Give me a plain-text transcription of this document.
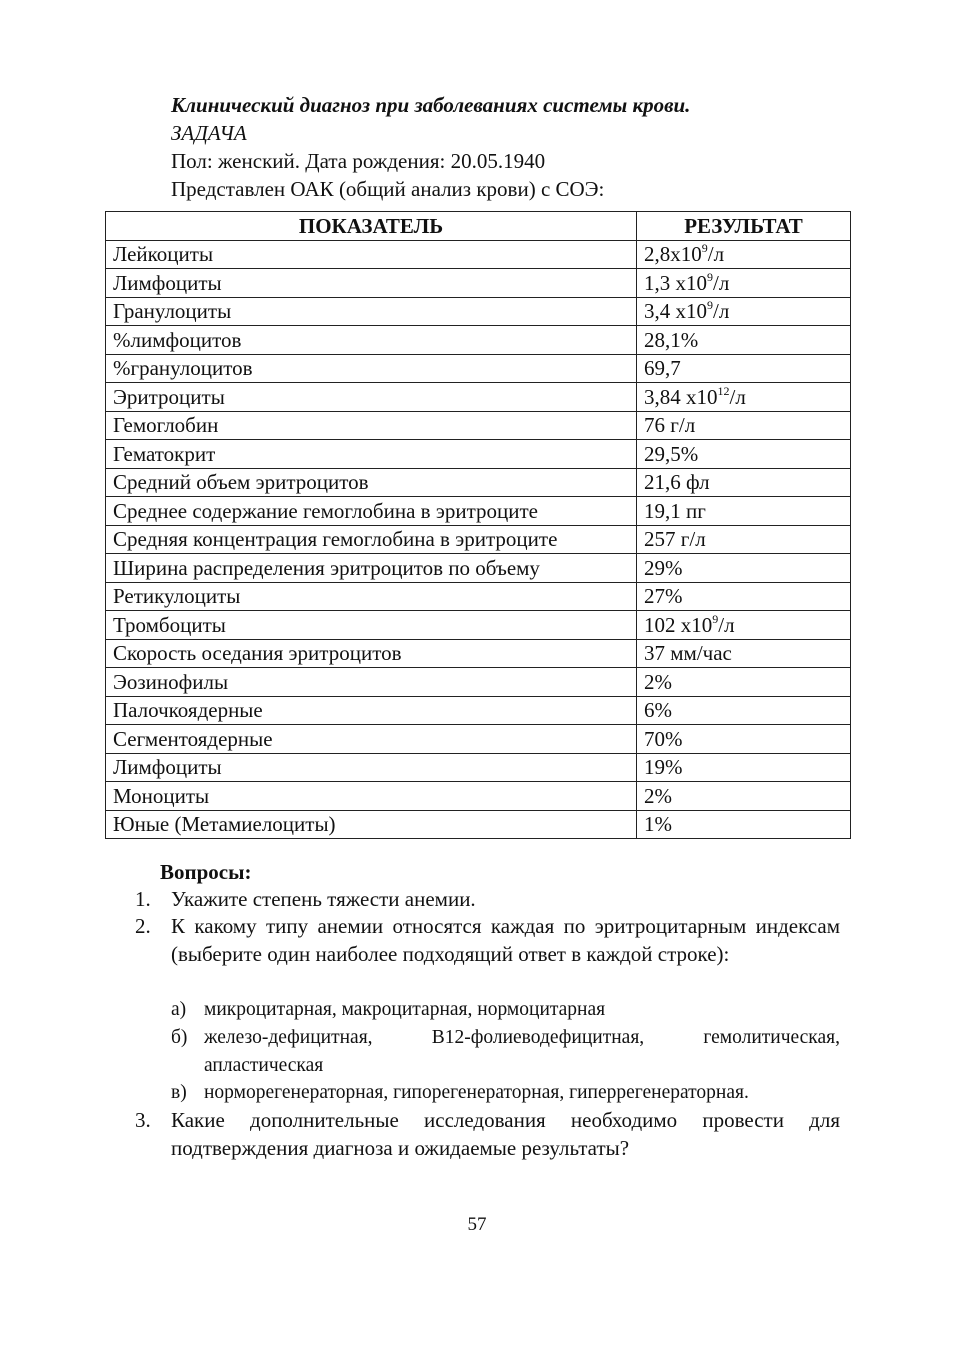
Клинический диагноз при заболеваниях системы крови.
ЗАДАЧА
Пол: женский. Дата рождения: 20.05.1940
Представлен ОАК (общий анализ крови) с СОЭ:
ПОКАЗАТЕЛЬ	РЕЗУЛЬТАТ
Лейкоциты	$2,8х10^9/л$
Лимфоциты	1,3 $х10^9/л$
Гранулоциты	3,4 $х10^9/л$
%лимфоцитов	28,1%
%гранулоцитов	69,7
Эритроциты	3,84 $х10^{12}/л$
Гемоглобин	76 г/л
Гематокрит	29,5%
Средний объем эритроцитов	21,6 фл
Среднее содержание гемоглобина в эритроците	19,1 пг
Средняя концентрация гемоглобина в эритроците	257 г/л
Ширина распределения эритроцитов по объему	29%
Ретикулоциты	27%
Тромбоциты	102 $х10^9/л$
Скорость оседания эритроцитов	37 мм/час
Эозинофилы	2%
Палочкоядерные	6%
Сегментоядерные	70%
Лимфоциты	19%
Моноциты	2%
Юные (Метамиелоциты)	1%
Вопросы:
1. Укажите степень тяжести анемии.
2. К какому типу анемии относятся каждая по эритроцитарным индексам (выберите один наиболее подходящий ответ в каждой строке):
а) микроцитарная, макроцитарная, нормоцитарная
б) железо-дефицитная, В12-фолиеводефицитная, гемолитическая, апластическая
в) норморегенераторная, гипорегенераторная, гиперрегенераторная.
3. Какие дополнительные исследования необходимо провести для подтверждения диагноза и ожидаемые результаты?
57
